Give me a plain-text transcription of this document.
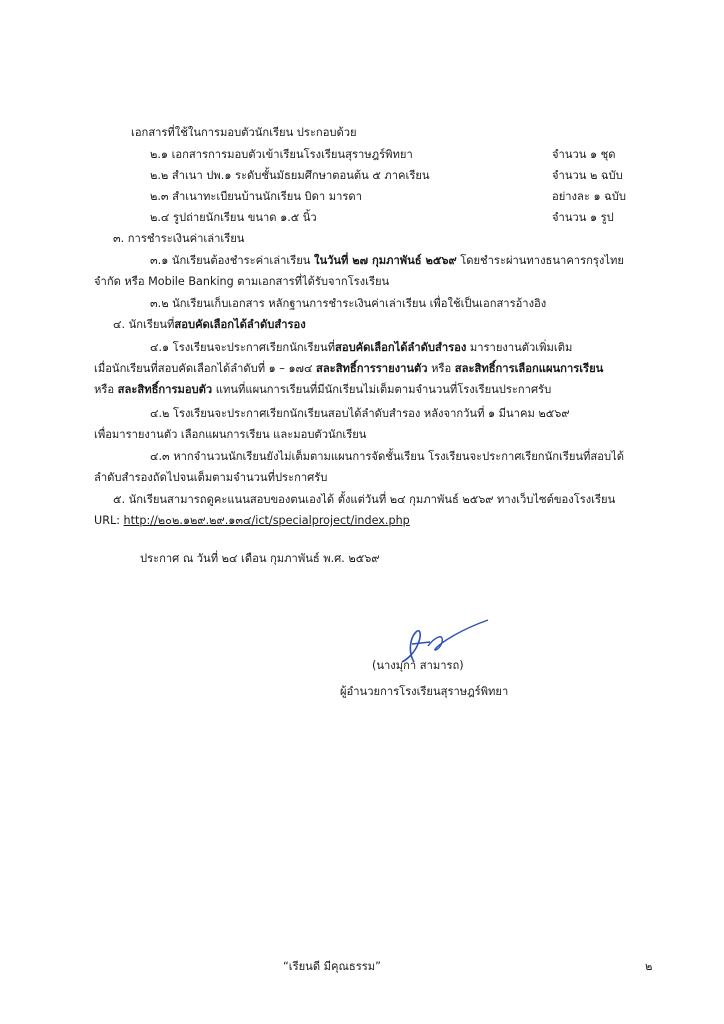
เอกสารที่ใช้ในการมอบตัวนักเรียน ประกอบด้วย
๒.๑ เอกสารการมอบตัวเข้าเรียนโรงเรียนสุราษฎร์พิทยา	จำนวน ๑ ชุด
๒.๒ สำเนา ปพ.๑ ระดับชั้นมัธยมศึกษาตอนต้น ๕ ภาคเรียน	จำนวน ๒ ฉบับ
๒.๓ สำเนาทะเบียนบ้านนักเรียน บิดา มารดา	อย่างละ ๑ ฉบับ
๒.๔ รูปถ่ายนักเรียน ขนาด ๑.๕ นิ้ว	จำนวน ๑ รูป
๓. การชำระเงินค่าเล่าเรียน
๓.๑ นักเรียนต้องชำระค่าเล่าเรียน ในวันที่ ๒๗ กุมภาพันธ์ ๒๕๖๙ โดยชำระผ่านทางธนาคารกรุงไทย
จำกัด หรือ Mobile Banking ตามเอกสารที่ได้รับจากโรงเรียน
๓.๒ นักเรียนเก็บเอกสาร หลักฐานการชำระเงินค่าเล่าเรียน เพื่อใช้เป็นเอกสารอ้างอิง
๔. นักเรียนที่สอบคัดเลือกได้ลำดับสำรอง
๔.๑ โรงเรียนจะประกาศเรียกนักเรียนที่สอบคัดเลือกได้ลำดับสำรอง มารายงานตัวเพิ่มเติม
เมื่อนักเรียนที่สอบคัดเลือกได้ลำดับที่ ๑ – ๑๗๔ สละสิทธิ์การรายงานตัว หรือ สละสิทธิ์การเลือกแผนการเรียน
หรือ สละสิทธิ์การมอบตัว แทนที่แผนการเรียนที่มีนักเรียนไม่เต็มตามจำนวนที่โรงเรียนประกาศรับ
๔.๒ โรงเรียนจะประกาศเรียกนักเรียนสอบได้ลำดับสำรอง หลังจากวันที่ ๑ มีนาคม ๒๕๖๙
เพื่อมารายงานตัว เลือกแผนการเรียน และมอบตัวนักเรียน
๔.๓ หากจำนวนนักเรียนยังไม่เต็มตามแผนการจัดชั้นเรียน โรงเรียนจะประกาศเรียกนักเรียนที่สอบได้
ลำดับสำรองถัดไปจนเต็มตามจำนวนที่ประกาศรับ
๕. นักเรียนสามารถดูคะแนนสอบของตนเองได้ ตั้งแต่วันที่ ๒๔ กุมภาพันธ์ ๒๕๖๙ ทางเว็บไซต์ของโรงเรียน
URL: http://๒๐๒.๑๒๙.๒๙.๑๓๔/ict/specialproject/index.php
ประกาศ ณ วันที่ ๒๔ เดือน กุมภาพันธ์ พ.ศ. ๒๕๖๙
(นางมุกา สามารถ)
ผู้อำนวยการโรงเรียนสุราษฎร์พิทยา
“เรียนดี มีคุณธรรม”	๒
